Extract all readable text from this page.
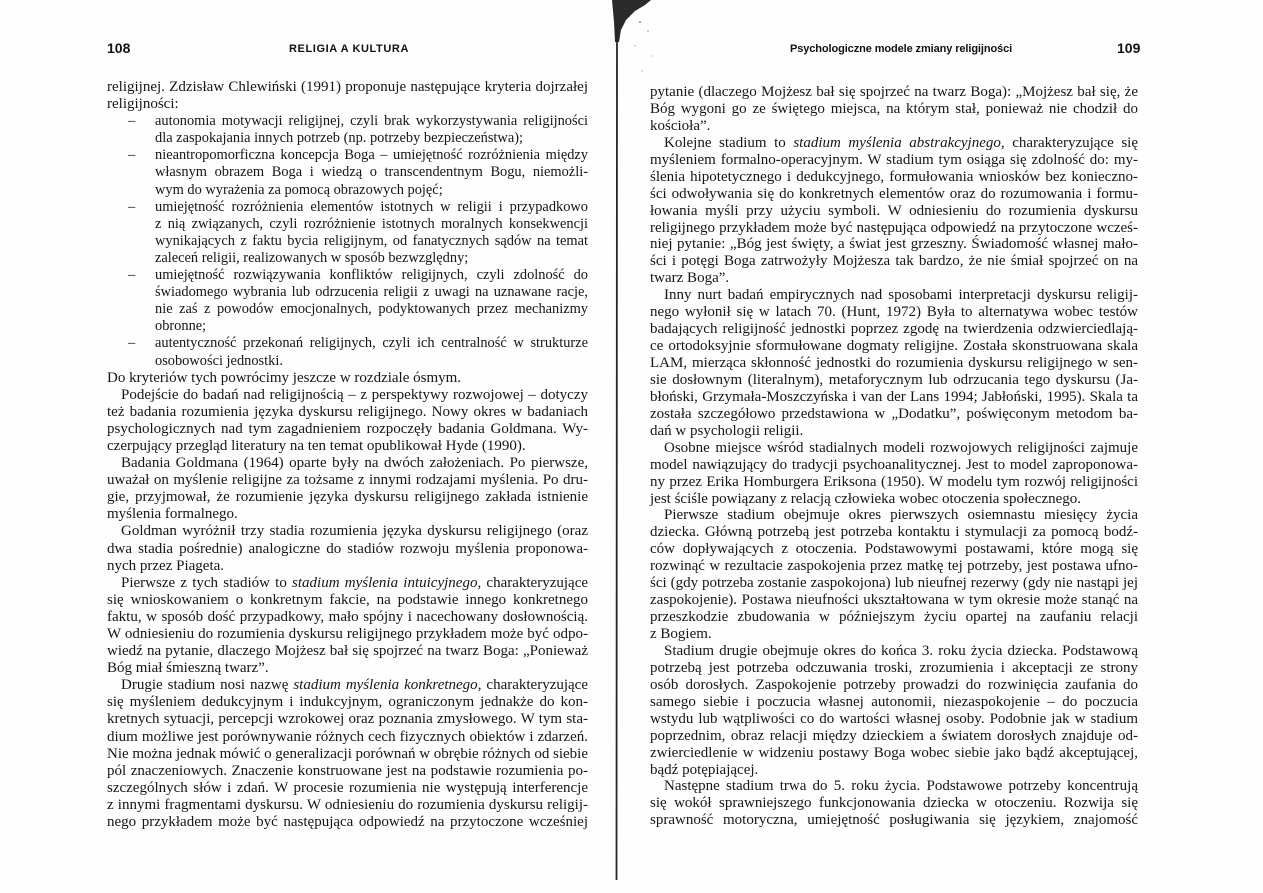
108	RELIGIA A KULTURA
religijnej. Zdzisław Chlewiński (1991) proponuje następujące kryteria dojrzałej
religijności:
– autonomia motywacji religijnej, czyli brak wykorzystywania religijności
dla zaspokajania innych potrzeb (np. potrzeby bezpieczeństwa);
– nieantropomorficzna koncepcja Boga – umiejętność rozróżnienia między
własnym obrazem Boga i wiedzą o transcendentnym Bogu, niemożli-
wym do wyrażenia za pomocą obrazowych pojęć;
– umiejętność rozróżnienia elementów istotnych w religii i przypadkowo
z nią związanych, czyli rozróżnienie istotnych moralnych konsekwencji
wynikających z faktu bycia religijnym, od fanatycznych sądów na temat
zaleceń religii, realizowanych w sposób bezwzględny;
– umiejętność rozwiązywania konfliktów religijnych, czyli zdolność do
świadomego wybrania lub odrzucenia religii z uwagi na uznawane racje,
nie zaś z powodów emocjonalnych, podyktowanych przez mechanizmy
obronne;
– autentyczność przekonań religijnych, czyli ich centralność w strukturze
osobowości jednostki.
Do kryteriów tych powrócimy jeszcze w rozdziale ósmym.
Podejście do badań nad religijnością – z perspektywy rozwojowej – dotyczy
też badania rozumienia języka dyskursu religijnego. Nowy okres w badaniach
psychologicznych nad tym zagadnieniem rozpoczęły badania Goldmana. Wy-
czerpujący przegląd literatury na ten temat opublikował Hyde (1990).
Badania Goldmana (1964) oparte były na dwóch założeniach. Po pierwsze,
uważał on myślenie religijne za tożsame z innymi rodzajami myślenia. Po dru-
gie, przyjmował, że rozumienie języka dyskursu religijnego zakłada istnienie
myślenia formalnego.
Goldman wyróżnił trzy stadia rozumienia języka dyskursu religijnego (oraz
dwa stadia pośrednie) analogiczne do stadiów rozwoju myślenia proponowa-
nych przez Piageta.
Pierwsze z tych stadiów to stadium myślenia intuicyjnego, charakteryzujące
się wnioskowaniem o konkretnym fakcie, na podstawie innego konkretnego
faktu, w sposób dość przypadkowy, mało spójny i nacechowany dosłownością.
W odniesieniu do rozumienia dyskursu religijnego przykładem może być odpo-
wiedź na pytanie, dlaczego Mojżesz bał się spojrzeć na twarz Boga: „Ponieważ
Bóg miał śmieszną twarz”.
Drugie stadium nosi nazwę stadium myślenia konkretnego, charakteryzujące
się myśleniem dedukcyjnym i indukcyjnym, ograniczonym jednakże do kon-
kretnych sytuacji, percepcji wzrokowej oraz poznania zmysłowego. W tym sta-
dium możliwe jest porównywanie różnych cech fizycznych obiektów i zdarzeń.
Nie można jednak mówić o generalizacji porównań w obrębie różnych od siebie
pól znaczeniowych. Znaczenie konstruowane jest na podstawie rozumienia po-
szczególnych słów i zdań. W procesie rozumienia nie występują interferencje
z innymi fragmentami dyskursu. W odniesieniu do rozumienia dyskursu religij-
nego przykładem może być następująca odpowiedź na przytoczone wcześniej
Psychologiczne modele zmiany religijności	109
pytanie (dlaczego Mojżesz bał się spojrzeć na twarz Boga): „Mojżesz bał się, że
Bóg wygoni go ze świętego miejsca, na którym stał, ponieważ nie chodził do
kościoła”.
Kolejne stadium to stadium myślenia abstrakcyjnego, charakteryzujące się
myśleniem formalno-operacyjnym. W stadium tym osiąga się zdolność do: my-
ślenia hipotetycznego i dedukcyjnego, formułowania wniosków bez konieczno-
ści odwoływania się do konkretnych elementów oraz do rozumowania i formu-
łowania myśli przy użyciu symboli. W odniesieniu do rozumienia dyskursu
religijnego przykładem może być następująca odpowiedź na przytoczone wcześ-
niej pytanie: „Bóg jest święty, a świat jest grzeszny. Świadomość własnej mało-
ści i potęgi Boga zatrwożyły Mojżesza tak bardzo, że nie śmiał spojrzeć on na
twarz Boga”.
Inny nurt badań empirycznych nad sposobami interpretacji dyskursu religij-
nego wyłonił się w latach 70. (Hunt, 1972) Była to alternatywa wobec testów
badających religijność jednostki poprzez zgodę na twierdzenia odzwierciedlają-
ce ortodoksyjnie sformułowane dogmaty religijne. Została skonstruowana skala
LAM, mierząca skłonność jednostki do rozumienia dyskursu religijnego w sen-
sie dosłownym (literalnym), metaforycznym lub odrzucania tego dyskursu (Ja-
błoński, Grzymała-Moszczyńska i van der Lans 1994; Jabłoński, 1995). Skala ta
została szczegółowo przedstawiona w „Dodatku”, poświęconym metodom ba-
dań w psychologii religii.
Osobne miejsce wśród stadialnych modeli rozwojowych religijności zajmuje
model nawiązujący do tradycji psychoanalitycznej. Jest to model zaproponowa-
ny przez Erika Homburgera Eriksona (1950). W modelu tym rozwój religijności
jest ściśle powiązany z relacją człowieka wobec otoczenia społecznego.
Pierwsze stadium obejmuje okres pierwszych osiemnastu miesięcy życia
dziecka. Główną potrzebą jest potrzeba kontaktu i stymulacji za pomocą bodź-
ców dopływających z otoczenia. Podstawowymi postawami, które mogą się
rozwinąć w rezultacie zaspokojenia przez matkę tej potrzeby, jest postawa ufno-
ści (gdy potrzeba zostanie zaspokojona) lub nieufnej rezerwy (gdy nie nastąpi jej
zaspokojenie). Postawa nieufności ukształtowana w tym okresie może stanąć na
przeszkodzie zbudowania w późniejszym życiu opartej na zaufaniu relacji
z Bogiem.
Stadium drugie obejmuje okres do końca 3. roku życia dziecka. Podstawową
potrzebą jest potrzeba odczuwania troski, zrozumienia i akceptacji ze strony
osób dorosłych. Zaspokojenie potrzeby prowadzi do rozwinięcia zaufania do
samego siebie i poczucia własnej autonomii, niezaspokojenie – do poczucia
wstydu lub wątpliwości co do wartości własnej osoby. Podobnie jak w stadium
poprzednim, obraz relacji między dzieckiem a światem dorosłych znajduje od-
zwierciedlenie w widzeniu postawy Boga wobec siebie jako bądź akceptującej,
bądź potępiającej.
Następne stadium trwa do 5. roku życia. Podstawowe potrzeby koncentrują
się wokół sprawniejszego funkcjonowania dziecka w otoczeniu. Rozwija się
sprawność motoryczna, umiejętność posługiwania się językiem, znajomość
